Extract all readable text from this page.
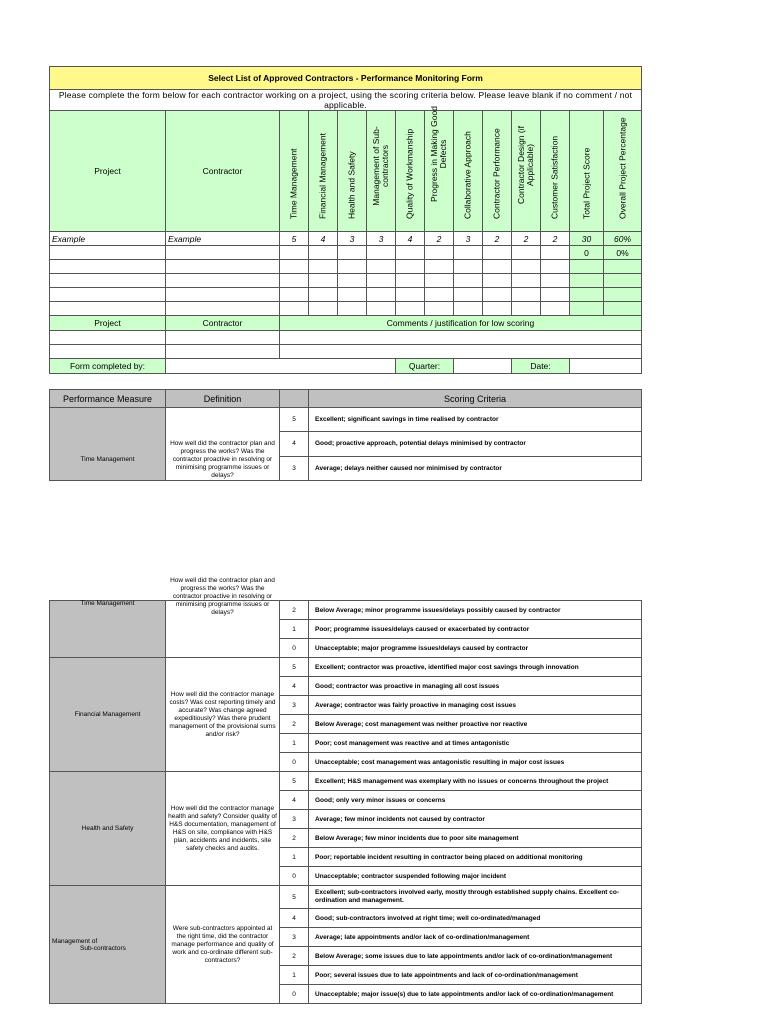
Select List of Approved Contractors - Performance Monitoring Form													
Please complete the form below for each contractor working on a project, using the scoring criteria below. Please leave blank if no comment / not applicable.													
Project	Contractor	Time Management	Financial Management	Health and Safety	Management of Sub-contractors	Quality of Workmanship	Progress in Making Good Defects	Collaborative Approach	Contractor Performance	Contractor Design (if Applicable)	Customer Satisfaction	Total Project Score	Overall Project Percentage

Example	Example	5	4	3	3	4	2	3	2	2	2	30	60%
												0	0%

Project	Contractor	Comments / justification for low scoring											

Form completed by:						Quarter:				Date:			
Performance Measure	Definition		Scoring Criteria
Time Management	How well did the contractor plan and progress the works? Was the contractor proactive in resolving or minimising programme issues or delays?	5	Excellent; significant savings in time realised by contractor
		4	Good; proactive approach, potential delays minimised by contractor
		3	Average; delays neither caused nor minimised by contractor
Time Management	How well did the contractor plan and progress the works? Was the contractor proactive in resolving or minimising programme issues or delays?	2	Below Average; minor programme issues/delays possibly caused by contractor
		1	Poor; programme issues/delays caused or exacerbated by contractor
		0	Unacceptable; major programme issues/delays caused by contractor
Financial Management	How well did the contractor manage costs? Was cost reporting timely and accurate? Was change agreed expeditiously? Was there prudent management of the provisional sums and/or risk?	5	Excellent; contractor was proactive, identified major cost savings through innovation
		4	Good; contractor was proactive in managing all cost issues
		3	Average; contractor was fairly proactive in managing cost issues
		2	Below Average; cost management was neither proactive nor reactive
		1	Poor; cost management was reactive and at times antagonistic
		0	Unacceptable; cost management was antagonistic resulting in major cost issues
Health and Safety	How well did the contractor manage health and safety? Consider quality of H&S documentation, management of H&S on site, compliance with H&S plan, accidents and incidents, site safety checks and audits.	5	Excellent; H&S management was exemplary with no issues or concerns throughout the project
		4	Good; only very minor issues or concerns
		3	Average; few minor incidents not caused by contractor
		2	Below Average; few minor incidents due to poor site management
		1	Poor; reportable incident resulting in contractor being placed on additional monitoring
		0	Unacceptable; contractor suspended following major incident

Management of
Sub-contractors	Were sub-contractors appointed at the right time, did the contractor manage performance and quality of work and co-ordinate different sub-contractors?	5	Excellent; sub-contractors involved early, mostly through established supply chains. Excellent co-ordination and management.
		4	Good; sub-contractors involved at right time; well co-ordinated/managed
		3	Average; late appointments and/or lack of co-ordination/management
		2	Below Average; some issues due to late appointments and/or lack of co-ordination/management
		1	Poor; several issues due to late appointments and lack of co-ordination/management
		0	Unacceptable; major issue(s) due to late appointments and/or lack of co-ordination/management
